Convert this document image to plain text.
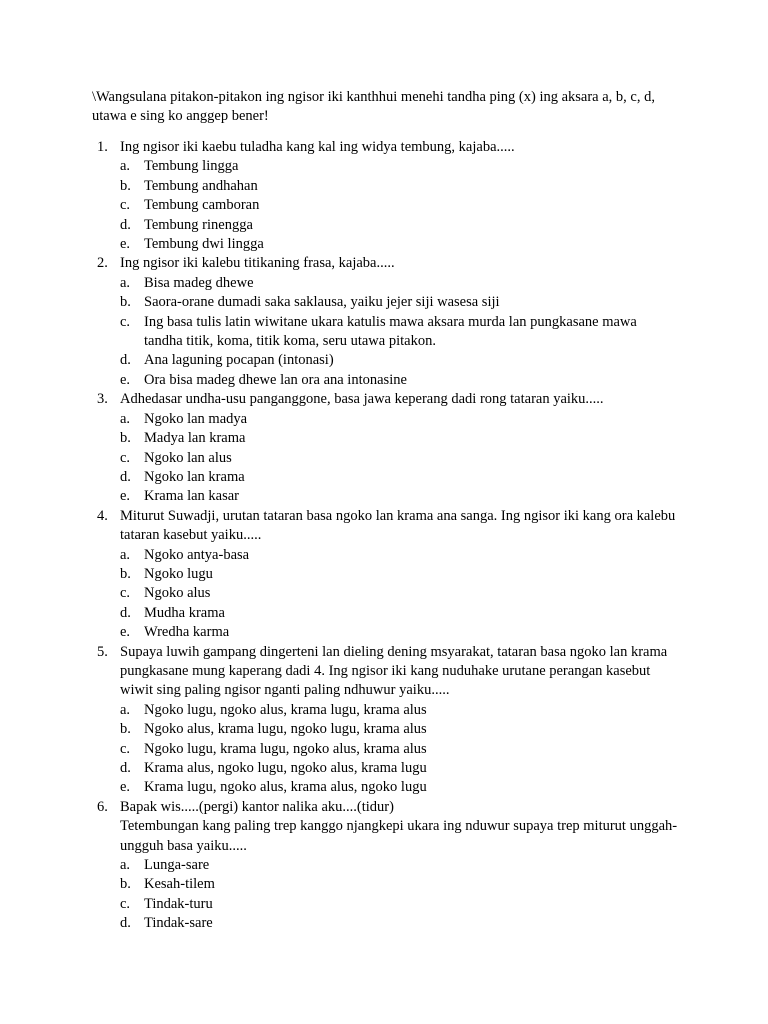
\Wangsulana pitakon-pitakon ing ngisor iki kanthhui menehi tandha ping (x) ing aksara a, b, c, d, utawa e sing ko anggep bener!

1. Ing ngisor iki kaebu tuladha kang kal ing widya tembung, kajaba.....
a. Tembung lingga
b. Tembung andhahan
c. Tembung camboran
d. Tembung rinengga
e. Tembung dwi lingga
2. Ing ngisor iki kalebu titikaning frasa, kajaba.....
a. Bisa madeg dhewe
b. Saora-orane dumadi saka saklausa, yaiku jejer siji wasesa siji
c. Ing basa tulis latin wiwitane ukara katulis mawa aksara murda lan pungkasane mawa tandha titik, koma, titik koma, seru utawa pitakon.
d. Ana laguning pocapan (intonasi)
e. Ora bisa madeg dhewe lan ora ana intonasine
3. Adhedasar undha-usu panganggone, basa jawa keperang dadi rong tataran yaiku.....
a. Ngoko lan madya
b. Madya lan krama
c. Ngoko lan alus
d. Ngoko lan krama
e. Krama lan kasar
4. Miturut Suwadji, urutan tataran basa ngoko lan krama ana sanga. Ing ngisor iki kang ora kalebu tataran kasebut yaiku.....
a. Ngoko antya-basa
b. Ngoko lugu
c. Ngoko alus
d. Mudha krama
e. Wredha karma
5. Supaya luwih gampang dingerteni lan dieling dening msyarakat, tataran basa ngoko lan krama pungkasane mung kaperang dadi 4. Ing ngisor iki kang nuduhake urutane perangan kasebut wiwit sing paling ngisor nganti paling ndhuwur yaiku.....
a. Ngoko lugu, ngoko alus, krama lugu, krama alus
b. Ngoko alus, krama lugu, ngoko lugu, krama alus
c. Ngoko lugu, krama lugu, ngoko alus, krama alus
d. Krama alus, ngoko lugu, ngoko alus, krama lugu
e. Krama lugu, ngoko alus, krama alus, ngoko lugu
6. Bapak wis.....(pergi) kantor nalika aku....(tidur)
Tetembungan kang paling trep kanggo njangkepi ukara ing nduwur supaya trep miturut unggah-ungguh basa yaiku.....
a. Lunga-sare
b. Kesah-tilem
c. Tindak-turu
d. Tindak-sare
